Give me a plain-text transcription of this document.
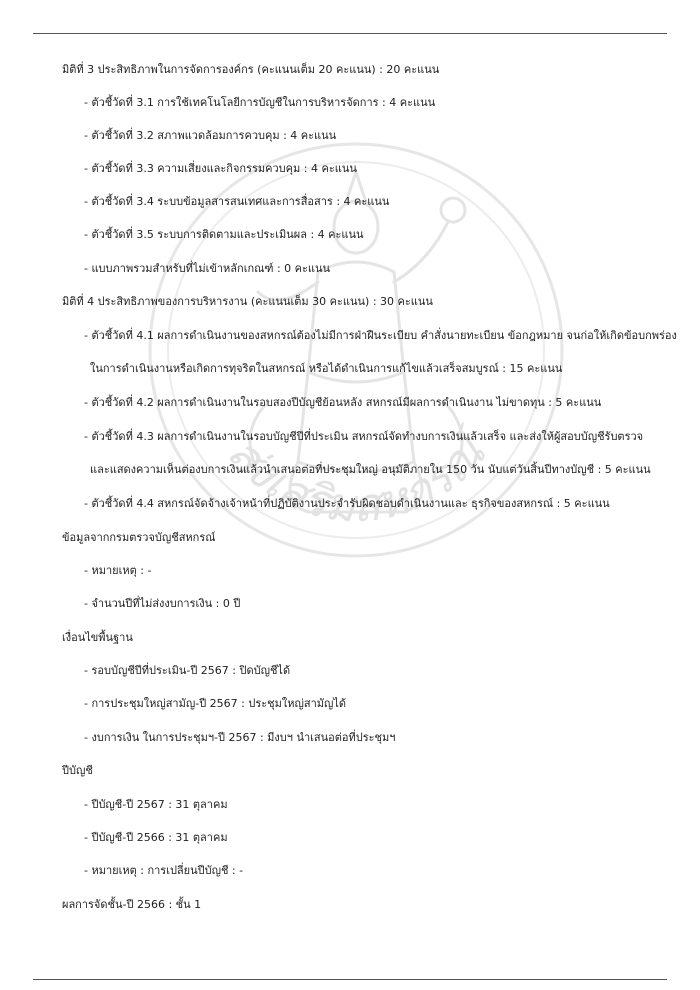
ส่งเสริมสหกรณ์
มิติที่ 3 ประสิทธิภาพในการจัดการองค์กร (คะแนนเต็ม 20 คะแนน) : 20 คะแนน
- ตัวชี้วัดที่ 3.1 การใช้เทคโนโลยีการบัญชีในการบริหารจัดการ : 4 คะแนน
- ตัวชี้วัดที่ 3.2 สภาพแวดล้อมการควบคุม : 4 คะแนน
- ตัวชี้วัดที่ 3.3 ความเสี่ยงและกิจกรรมควบคุม : 4 คะแนน
- ตัวชี้วัดที่ 3.4 ระบบข้อมูลสารสนเทศและการสื่อสาร : 4 คะแนน
- ตัวชี้วัดที่ 3.5 ระบบการติดตามและประเมินผล : 4 คะแนน
- แบบภาพรวมสำหรับที่ไม่เข้าหลักเกณฑ์ : 0 คะแนน
มิติที่ 4 ประสิทธิภาพของการบริหารงาน (คะแนนเต็ม 30 คะแนน) : 30 คะแนน
- ตัวชี้วัดที่ 4.1 ผลการดำเนินงานของสหกรณ์ต้องไม่มีการฝ่าฝืนระเบียบ คำสั่งนายทะเบียน ข้อกฎหมาย จนก่อให้เกิดข้อบกพร่อง
ในการดำเนินงานหรือเกิดการทุจริตในสหกรณ์ หรือได้ดำเนินการแก้ไขแล้วเสร็จสมบูรณ์ : 15 คะแนน
- ตัวชี้วัดที่ 4.2 ผลการดำเนินงานในรอบสองปีบัญชีย้อนหลัง สหกรณ์มีผลการดำเนินงาน ไม่ขาดทุน : 5 คะแนน
- ตัวชี้วัดที่ 4.3 ผลการดำเนินงานในรอบบัญชีปีที่ประเมิน สหกรณ์จัดทำงบการเงินแล้วเสร็จ และส่งให้ผู้สอบบัญชีรับตรวจ
และแสดงความเห็นต่องบการเงินแล้วนำเสนอต่อที่ประชุมใหญ่ อนุมัติภายใน 150 วัน นับแต่วันสิ้นปีทางบัญชี : 5 คะแนน
- ตัวชี้วัดที่ 4.4 สหกรณ์จัดจ้างเจ้าหน้าที่ปฏิบัติงานประจำรับผิดชอบดำเนินงานและ ธุรกิจของสหกรณ์ : 5 คะแนน
ข้อมูลจากกรมตรวจบัญชีสหกรณ์
- หมายเหตุ : -
- จำนวนปีที่ไม่ส่งงบการเงิน : 0 ปี
เงื่อนไขพื้นฐาน
- รอบบัญชีปีที่ประเมิน-ปี 2567 : ปิดบัญชีได้
- การประชุมใหญ่สามัญ-ปี 2567 : ประชุมใหญ่สามัญได้
- งบการเงิน ในการประชุมฯ-ปี 2567 : มีงบฯ นำเสนอต่อที่ประชุมฯ
ปีบัญชี
- ปีบัญชี-ปี 2567 : 31 ตุลาคม
- ปีบัญชี-ปี 2566 : 31 ตุลาคม
- หมายเหตุ : การเปลี่ยนปีบัญชี : -
ผลการจัดชั้น-ปี 2566 : ชั้น 1
